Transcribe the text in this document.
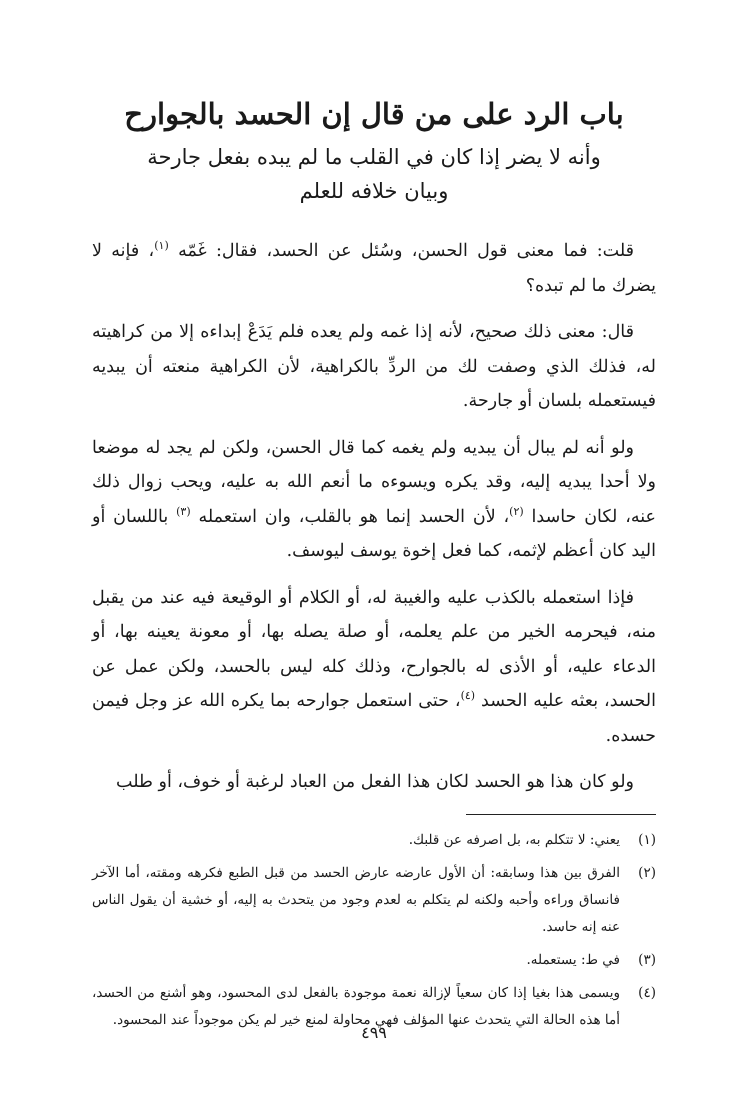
باب الرد على من قال إن الحسد بالجوارح

وأنه لا يضر إذا كان في القلب ما لم يبده بفعل جارحة

وبيان خلافه للعلم

قلت: فما معنى قول الحسن، وسُئل عن الحسد، فقال: غَمّه $^{(١)}$، فإنه لا يضرك ما لم تبده؟

قال: معنى ذلك صحيح، لأنه إذا غمه ولم يعده فلم يَدَعْ إبداءه إلا من كراهيته له، فذلك الذي وصفت لك من الردِّ بالكراهية، لأن الكراهية منعته أن يبديه فيستعمله بلسان أو جارحة.

ولو أنه لم يبال أن يبديه ولم يغمه كما قال الحسن، ولكن لم يجد له موضعا ولا أحدا يبديه إليه، وقد يكره ويسوءه ما أنعم الله به عليه، ويحب زوال ذلك عنه، لكان حاسدا $^{(٢)}$، لأن الحسد إنما هو بالقلب، وان استعمله $^{(٣)}$ باللسان أو اليد كان أعظم لإثمه، كما فعل إخوة يوسف ليوسف.

فإذا استعمله بالكذب عليه والغيبة له، أو الكلام أو الوقيعة فيه عند من يقبل منه، فيحرمه الخير من علم يعلمه، أو صلة يصله بها، أو معونة يعينه بها، أو الدعاء عليه، أو الأذى له بالجوارح، وذلك كله ليس بالحسد، ولكن عمل عن الحسد، بعثه عليه الحسد $^{(٤)}$، حتى استعمل جوارحه بما يكره الله عز وجل فيمن حسده.

ولو كان هذا هو الحسد لكان هذا الفعل من العباد لرغبة أو خوف، أو طلب

(١)
يعني: لا تتكلم به، بل اصرفه عن قلبك.
(٢)
الفرق بين هذا وسابقه: أن الأول عارضه عارض الحسد من قبل الطبع فكرهه ومقته، أما الآخر فانساق وراءه وأحبه ولكنه لم يتكلم به لعدم وجود من يتحدث به إليه، أو خشية أن يقول الناس عنه إنه حاسد.
(٣)
في ط: يستعمله.
(٤)
ويسمى هذا بغيا إذا كان سعياً لإزالة نعمة موجودة بالفعل لدى المحسود، وهو أشنع من الحسد، أما هذه الحالة التي يتحدث عنها المؤلف فهي محاولة لمنع خير لم يكن موجوداً عند المحسود.
٤٩٩
